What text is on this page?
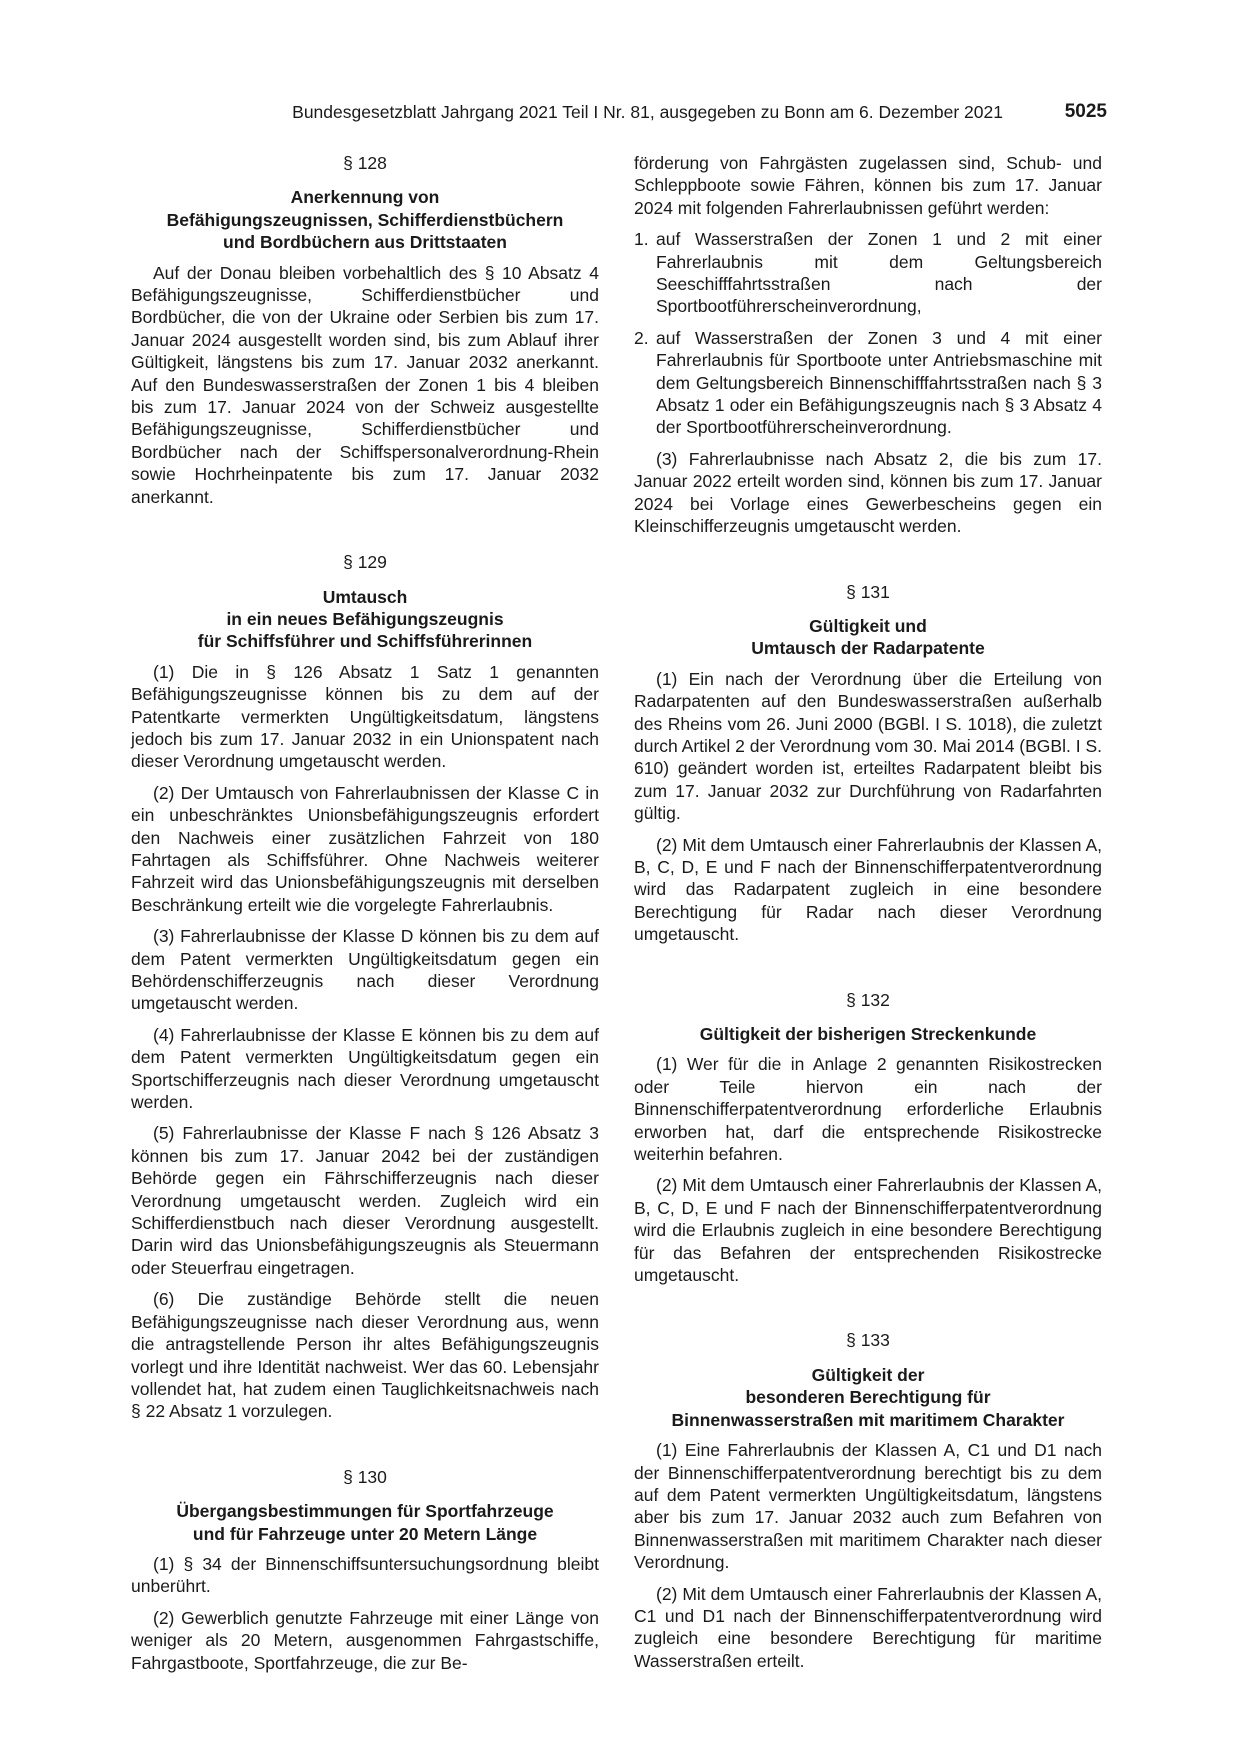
Bundesgesetzblatt Jahrgang 2021 Teil I Nr. 81, ausgegeben zu Bonn am 6. Dezember 2021	5025
§ 128
Anerkennung von
Befähigungszeugnissen, Schifferdienstbüchern
und Bordbüchern aus Drittstaaten

Auf der Donau bleiben vorbehaltlich des § 10 Absatz 4 Befähigungszeugnisse, Schifferdienstbücher und Bordbücher, die von der Ukraine oder Serbien bis zum 17. Januar 2024 ausgestellt worden sind, bis zum Ablauf ihrer Gültigkeit, längstens bis zum 17. Januar 2032 anerkannt. Auf den Bundeswasserstraßen der Zonen 1 bis 4 bleiben bis zum 17. Januar 2024 von der Schweiz ausgestellte Befähigungszeugnisse, Schifferdienstbücher und Bordbücher nach der Schiffspersonalverordnung-Rhein sowie Hochrheinpatente bis zum 17. Januar 2032 anerkannt.

§ 129
Umtausch
in ein neues Befähigungszeugnis
für Schiffsführer und Schiffsführerinnen

(1) Die in § 126 Absatz 1 Satz 1 genannten Befähigungszeugnisse können bis zu dem auf der Patentkarte vermerkten Ungültigkeitsdatum, längstens jedoch bis zum 17. Januar 2032 in ein Unionspatent nach dieser Verordnung umgetauscht werden.

(2) Der Umtausch von Fahrerlaubnissen der Klasse C in ein unbeschränktes Unionsbefähigungszeugnis erfordert den Nachweis einer zusätzlichen Fahrzeit von 180 Fahrtagen als Schiffsführer. Ohne Nachweis weiterer Fahrzeit wird das Unionsbefähigungszeugnis mit derselben Beschränkung erteilt wie die vorgelegte Fahrerlaubnis.

(3) Fahrerlaubnisse der Klasse D können bis zu dem auf dem Patent vermerkten Ungültigkeitsdatum gegen ein Behördenschifferzeugnis nach dieser Verordnung umgetauscht werden.

(4) Fahrerlaubnisse der Klasse E können bis zu dem auf dem Patent vermerkten Ungültigkeitsdatum gegen ein Sportschifferzeugnis nach dieser Verordnung umgetauscht werden.

(5) Fahrerlaubnisse der Klasse F nach § 126 Absatz 3 können bis zum 17. Januar 2042 bei der zuständigen Behörde gegen ein Fährschifferzeugnis nach dieser Verordnung umgetauscht werden. Zugleich wird ein Schifferdienstbuch nach dieser Verordnung ausgestellt. Darin wird das Unionsbefähigungszeugnis als Steuermann oder Steuerfrau eingetragen.

(6) Die zuständige Behörde stellt die neuen Befähigungszeugnisse nach dieser Verordnung aus, wenn die antragstellende Person ihr altes Befähigungszeugnis vorlegt und ihre Identität nachweist. Wer das 60. Lebensjahr vollendet hat, hat zudem einen Tauglichkeitsnachweis nach § 22 Absatz 1 vorzulegen.

§ 130
Übergangsbestimmungen für Sportfahrzeuge
und für Fahrzeuge unter 20 Metern Länge

(1) § 34 der Binnenschiffsuntersuchungsordnung bleibt unberührt.

(2) Gewerblich genutzte Fahrzeuge mit einer Länge von weniger als 20 Metern, ausgenommen Fahrgastschiffe, Fahrgastboote, Sportfahrzeuge, die zur Be-

förderung von Fahrgästen zugelassen sind, Schub- und Schleppboote sowie Fähren, können bis zum 17. Januar 2024 mit folgenden Fahrerlaubnissen geführt werden:

1. auf Wasserstraßen der Zonen 1 und 2 mit einer Fahrerlaubnis mit dem Geltungsbereich Seeschifffahrtsstraßen nach der Sportbootführerscheinverordnung,
2. auf Wasserstraßen der Zonen 3 und 4 mit einer Fahrerlaubnis für Sportboote unter Antriebsmaschine mit dem Geltungsbereich Binnenschifffahrtsstraßen nach § 3 Absatz 1 oder ein Befähigungszeugnis nach § 3 Absatz 4 der Sportbootführerscheinverordnung.

(3) Fahrerlaubnisse nach Absatz 2, die bis zum 17. Januar 2022 erteilt worden sind, können bis zum 17. Januar 2024 bei Vorlage eines Gewerbescheins gegen ein Kleinschifferzeugnis umgetauscht werden.

§ 131
Gültigkeit und
Umtausch der Radarpatente

(1) Ein nach der Verordnung über die Erteilung von Radarpatenten auf den Bundeswasserstraßen außerhalb des Rheins vom 26. Juni 2000 (BGBl. I S. 1018), die zuletzt durch Artikel 2 der Verordnung vom 30. Mai 2014 (BGBl. I S. 610) geändert worden ist, erteiltes Radarpatent bleibt bis zum 17. Januar 2032 zur Durchführung von Radarfahrten gültig.

(2) Mit dem Umtausch einer Fahrerlaubnis der Klassen A, B, C, D, E und F nach der Binnenschifferpatentverordnung wird das Radarpatent zugleich in eine besondere Berechtigung für Radar nach dieser Verordnung umgetauscht.

§ 132
Gültigkeit der bisherigen Streckenkunde

(1) Wer für die in Anlage 2 genannten Risikostrecken oder Teile hiervon ein nach der Binnenschifferpatentverordnung erforderliche Erlaubnis erworben hat, darf die entsprechende Risikostrecke weiterhin befahren.

(2) Mit dem Umtausch einer Fahrerlaubnis der Klassen A, B, C, D, E und F nach der Binnenschifferpatentverordnung wird die Erlaubnis zugleich in eine besondere Berechtigung für das Befahren der entsprechenden Risikostrecke umgetauscht.

§ 133
Gültigkeit der
besonderen Berechtigung für
Binnenwasserstraßen mit maritimem Charakter

(1) Eine Fahrerlaubnis der Klassen A, C1 und D1 nach der Binnenschifferpatentverordnung berechtigt bis zu dem auf dem Patent vermerkten Ungültigkeitsdatum, längstens aber bis zum 17. Januar 2032 auch zum Befahren von Binnenwasserstraßen mit maritimem Charakter nach dieser Verordnung.

(2) Mit dem Umtausch einer Fahrerlaubnis der Klassen A, C1 und D1 nach der Binnenschifferpatentverordnung wird zugleich eine besondere Berechtigung für maritime Wasserstraßen erteilt.
